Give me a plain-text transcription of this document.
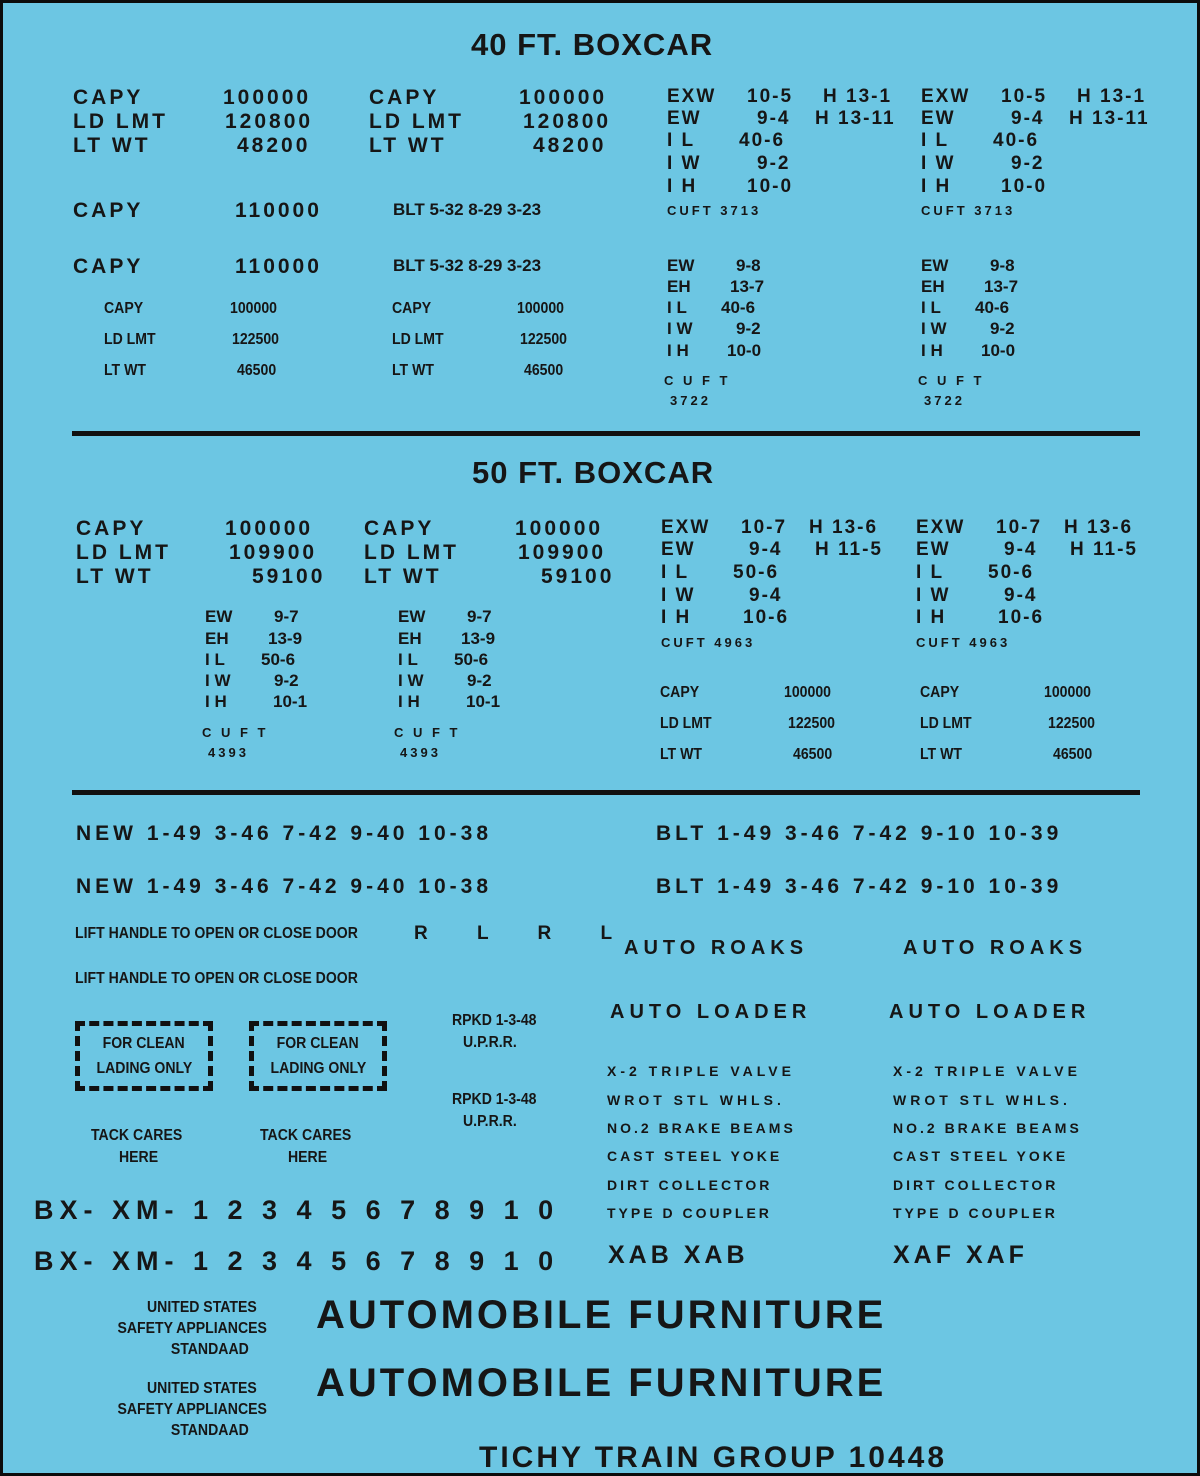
40 FT. BOXCAR
CAPY	100000
LD LMT	120800
LT WT	48200
CAPY	100000
LD LMT	120800
LT WT	48200
EXW 10-5 H 13-1
EW	9-4 H 13-11
I L 40-6
I W	9-2
I H	10-0
CUFT 3713
EXW 10-5 H 13-1
EW	9-4 H 13-11
I L 40-6
I W	9-2
I H	10-0
CUFT 3713
CAPY	110000	BLT 5-32 8-29 3-23
CAPY	110000	BLT 5-32 8-29 3-23
CAPY	100000
LD LMT	122500
LT WT	46500
CAPY	100000
LD LMT	122500
LT WT	46500
EW 9-8
EH 13-7
I L 40-6
I W	9-2
I H 10-0
C U F T
3722
EW 9-8
EH 13-7
I L 40-6
I W	9-2
I H 10-0
C U F T
3722
50 FT. BOXCAR
CAPY	100000
LD LMT	109900
LT WT	59100
CAPY	100000
LD LMT	109900
LT WT	59100
EXW 10-7 H 13-6
EW	9-4 H 11-5
I L 50-6
I W	9-4
I H	10-6
CUFT 4963
EXW 10-7 H 13-6
EW	9-4 H 11-5
I L 50-6
I W	9-4
I H	10-6
CUFT 4963
EW 9-7
EH 13-9
I L 50-6
I W	9-2
I H	10-1
C U F T
4393
EW 9-7
EH 13-9
I L 50-6
I W	9-2
I H	10-1
C U F T
4393
CAPY	100000
LD LMT	122500
LT WT	46500
CAPY	100000
LD LMT	122500
LT WT	46500
NEW 1-49 3-46 7-42 9-40 10-38
NEW 1-49 3-46 7-42 9-40 10-38
BLT 1-49 3-46 7-42 9-10 10-39
BLT 1-49 3-46 7-42 9-10 10-39
LIFT HANDLE TO OPEN OR CLOSE DOOR	R L R L
LIFT HANDLE TO OPEN OR CLOSE DOOR
AUTO ROAKS	AUTO ROAKS
AUTO LOADER	AUTO LOADER
FOR CLEAN
LADING ONLY
FOR CLEAN
LADING ONLY
RPKD 1-3-48
U.P.R.R.
RPKD 1-3-48
U.P.R.R.
TACK CARES
HERE
TACK CARES
HERE
X-2 TRIPLE VALVE
WROT STL WHLS.
NO.2 BRAKE BEAMS
CAST STEEL YOKE
DIRT COLLECTOR
TYPE D COUPLER
X-2 TRIPLE VALVE
WROT STL WHLS.
NO.2 BRAKE BEAMS
CAST STEEL YOKE
DIRT COLLECTOR
TYPE D COUPLER
BX- XM- 1 2 3 4 5 6 7 8 9 1 0
BX- XM- 1 2 3 4 5 6 7 8 9 1 0 XAB XAB	XAF XAF
UNITED STATES
SAFETY APPLIANCES
STANDAAD
UNITED STATES
SAFETY APPLIANCES
STANDAAD
AUTOMOBILE FURNITURE
AUTOMOBILE FURNITURE
TICHY TRAIN GROUP 10448
